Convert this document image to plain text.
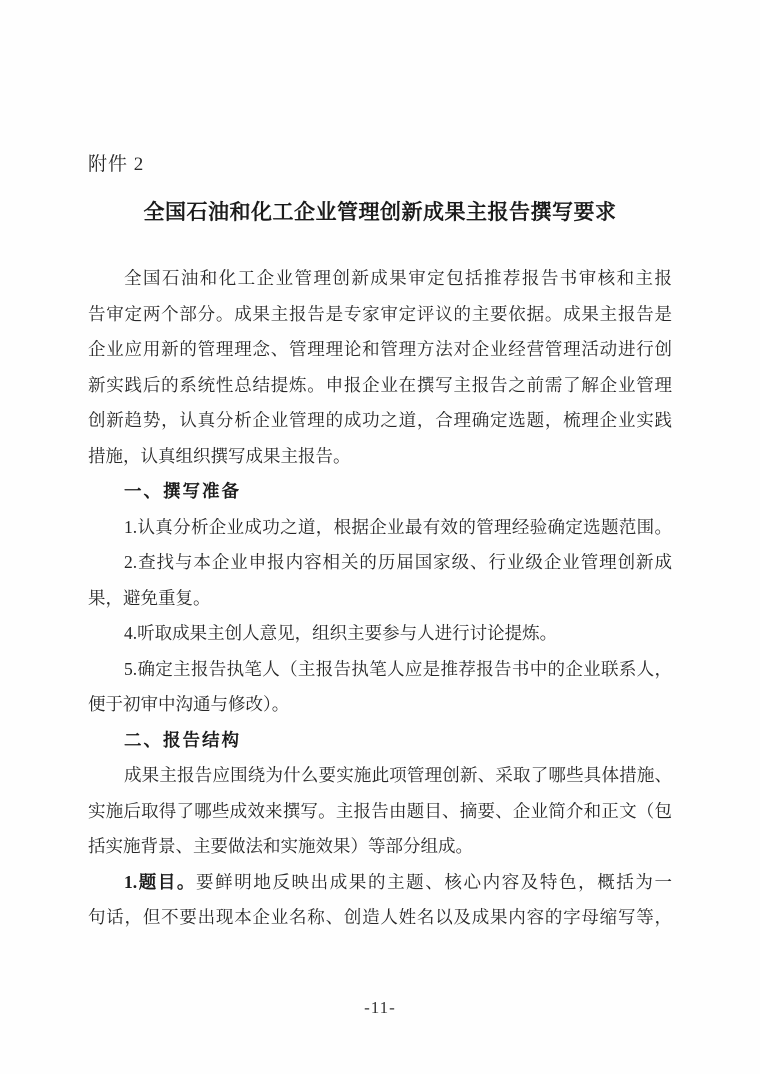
附件 2
全国石油和化工企业管理创新成果主报告撰写要求
全国石油和化工企业管理创新成果审定包括推荐报告书审核和主报
告审定两个部分。成果主报告是专家审定评议的主要依据。成果主报告是
企业应用新的管理理念、管理理论和管理方法对企业经营管理活动进行创
新实践后的系统性总结提炼。申报企业在撰写主报告之前需了解企业管理
创新趋势，认真分析企业管理的成功之道，合理确定选题，梳理企业实践
措施，认真组织撰写成果主报告。
一、撰写准备
1.认真分析企业成功之道，根据企业最有效的管理经验确定选题范围。
2.查找与本企业申报内容相关的历届国家级、行业级企业管理创新成
果，避免重复。
4.听取成果主创人意见，组织主要参与人进行讨论提炼。
5.确定主报告执笔人（主报告执笔人应是推荐报告书中的企业联系人，
便于初审中沟通与修改）。
二、报告结构
成果主报告应围绕为什么要实施此项管理创新、采取了哪些具体措施、
实施后取得了哪些成效来撰写。主报告由题目、摘要、企业简介和正文（包
括实施背景、主要做法和实施效果）等部分组成。
1.题目。要鲜明地反映出成果的主题、核心内容及特色，概括为一
句话，但不要出现本企业名称、创造人姓名以及成果内容的字母缩写等，
-11-
